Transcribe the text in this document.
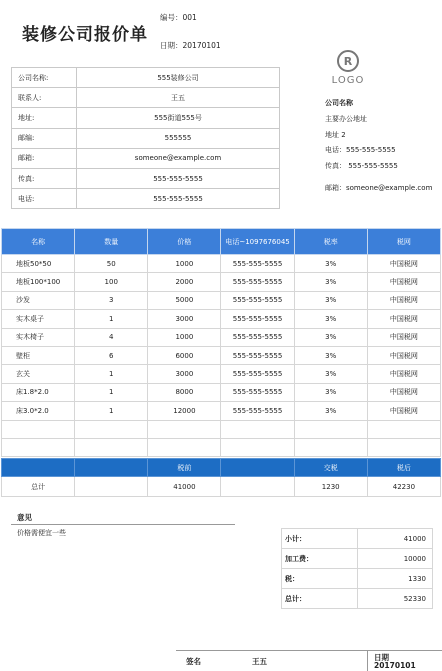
装修公司报价单
编号：001
日期：20170101
公司名称:	555装修公司
联系人:	王五
地址:	555街道555号
邮编:	555555
邮箱:	someone@example.com
传真:	555-555-5555
电话:	555-555-5555
R
LOGO
公司名称
主要办公地址
地址 2
电话：555-555-5555
传真： 555-555-5555
邮箱：someone@example.com
名称	数量	价格	电话~1097676045	税率	税网
地板50*50	50	1000	555-555-5555	3%	中国税网
地板100*100	100	2000	555-555-5555	3%	中国税网
沙发	3	5000	555-555-5555	3%	中国税网
实木桌子	1	3000	555-555-5555	3%	中国税网
实木椅子	4	1000	555-555-5555	3%	中国税网
壁柜	6	6000	555-555-5555	3%	中国税网
玄关	1	3000	555-555-5555	3%	中国税网
床1.8*2.0	1	8000	555-555-5555	3%	中国税网
床3.0*2.0	1	12000	555-555-5555	3%	中国税网

		税前		交税	税后
总计		41000		1230	42230
意见
价格需便宜一些
小计：	41000
加工费：	10000
税：	1330
总计：	52330
签名	王五	日期
20170101
